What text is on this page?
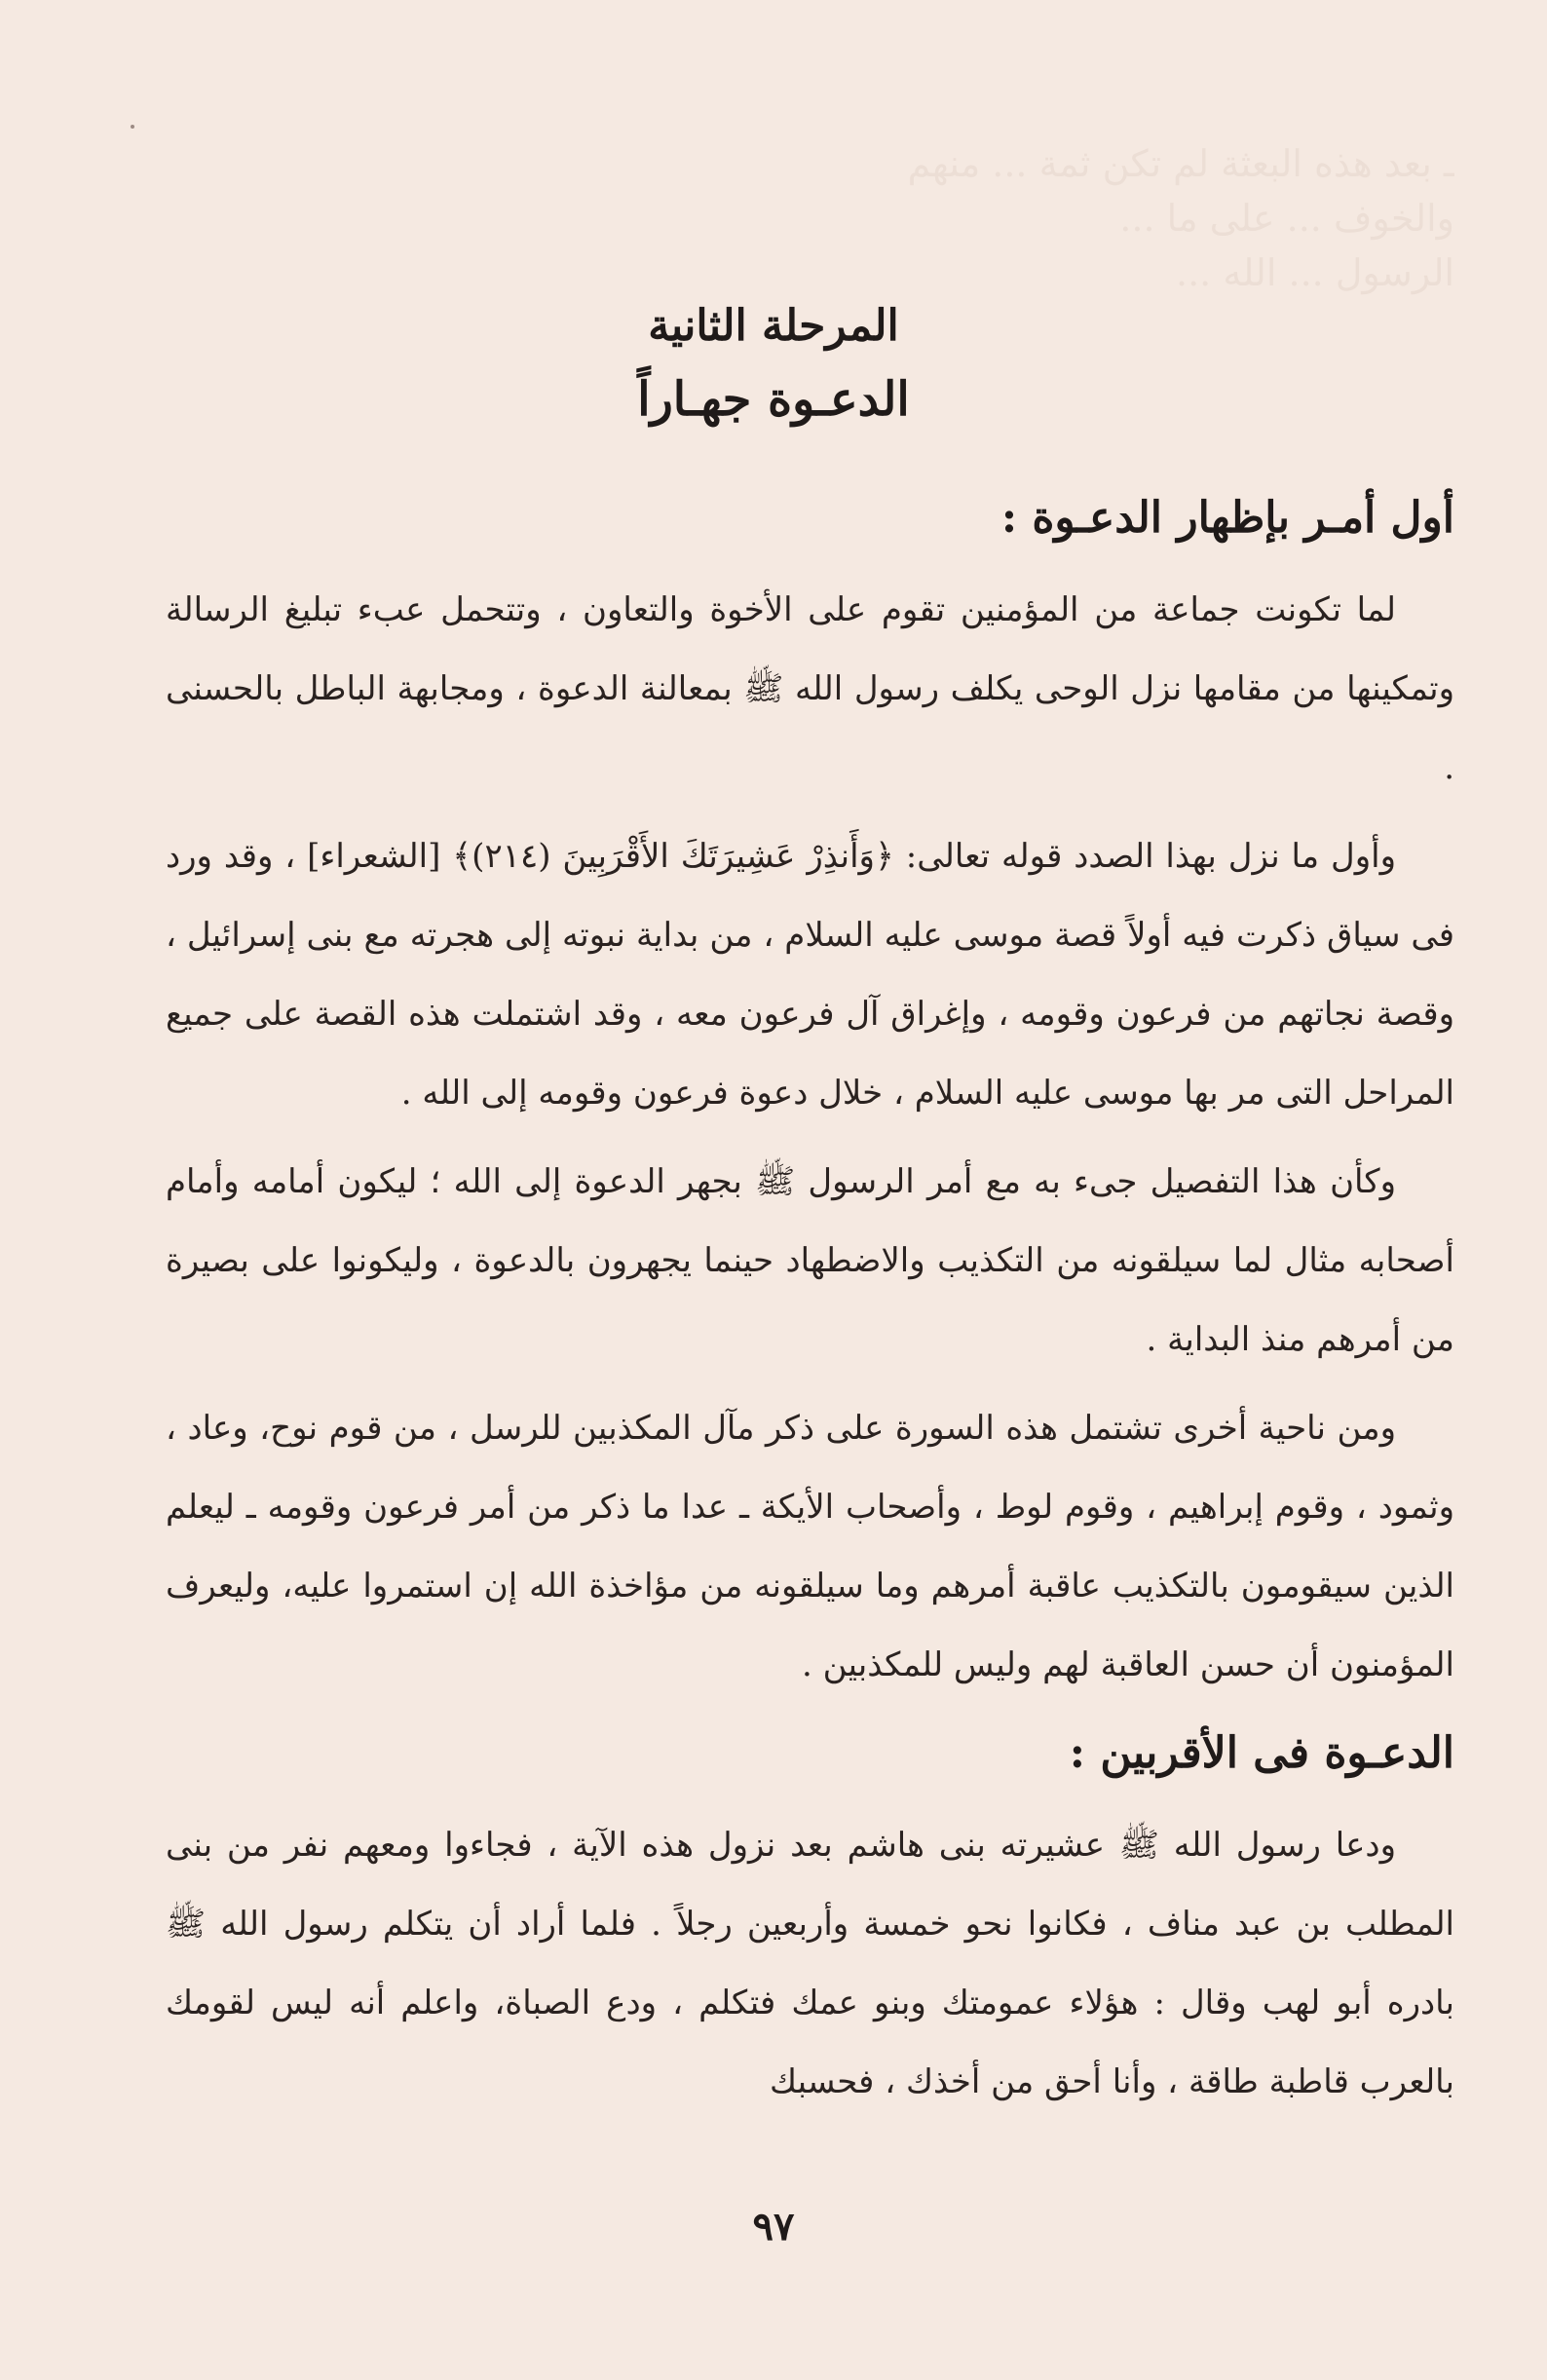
ـ بعد هذه البعثة لم تكن ثمة ... منهم
والخوف ... على ما ...
الرسول ... الله ...

المرحلة الثانية

الدعـوة جهـاراً

أول أمـر بإظهار الدعـوة :

لما تكونت جماعة من المؤمنين تقوم على الأخوة والتعاون ، وتتحمل عبء تبليغ الرسالة وتمكينها من مقامها نزل الوحى يكلف رسول الله ﷺ بمعالنة الدعوة ، ومجابهة الباطل بالحسنى .

وأول ما نزل بهذا الصدد قوله تعالى: ﴿وَأَنذِرْ عَشِيرَتَكَ الأَقْرَبِينَ (٢١٤)﴾ [الشعراء] ، وقد ورد فى سياق ذكرت فيه أولاً قصة موسى عليه السلام ، من بداية نبوته إلى هجرته مع بنى إسرائيل ، وقصة نجاتهم من فرعون وقومه ، وإغراق آل فرعون معه ، وقد اشتملت هذه القصة على جميع المراحل التى مر بها موسى عليه السلام ، خلال دعوة فرعون وقومه إلى الله .

وكأن هذا التفصيل جىء به مع أمر الرسول ﷺ بجهر الدعوة إلى الله ؛ ليكون أمامه وأمام أصحابه مثال لما سيلقونه من التكذيب والاضطهاد حينما يجهرون بالدعوة ، وليكونوا على بصيرة من أمرهم منذ البداية .

ومن ناحية أخرى تشتمل هذه السورة على ذكر مآل المكذبين للرسل ، من قوم نوح، وعاد ، وثمود ، وقوم إبراهيم ، وقوم لوط ، وأصحاب الأيكة ـ عدا ما ذكر من أمر فرعون وقومه ـ ليعلم الذين سيقومون بالتكذيب عاقبة أمرهم وما سيلقونه من مؤاخذة الله إن استمروا عليه، وليعرف المؤمنون أن حسن العاقبة لهم وليس للمكذبين .

الدعـوة فى الأقربين :

ودعا رسول الله ﷺ عشيرته بنى هاشم بعد نزول هذه الآية ، فجاءوا ومعهم نفر من بنى المطلب بن عبد مناف ، فكانوا نحو خمسة وأربعين رجلاً . فلما أراد أن يتكلم رسول الله ﷺ بادره أبو لهب وقال : هؤلاء عمومتك وبنو عمك فتكلم ، ودع الصباة، واعلم أنه ليس لقومك بالعرب قاطبة طاقة ، وأنا أحق من أخذك ، فحسبك

٩٧
